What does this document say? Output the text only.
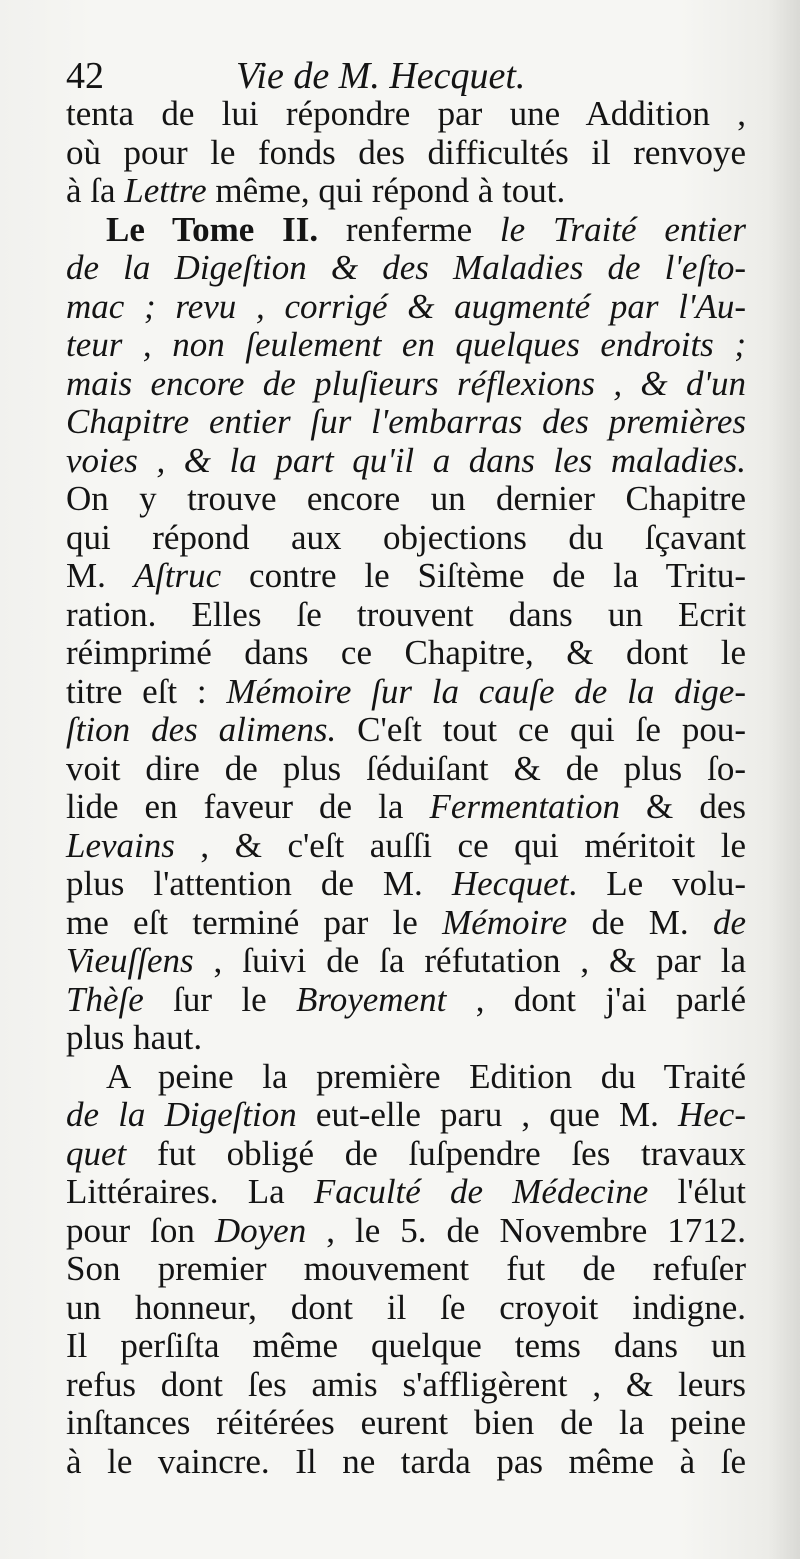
42	Vie de M. Hecquet.
tenta de lui répondre par une Addition ,
où pour le fonds des difficultés il renvoye
à ſa Lettre même, qui répond à tout.
Le Tome II. renferme le Traité entier
de la Digeſtion & des Maladies de l'eſto-
mac ; revu , corrigé & augmenté par l'Au-
teur , non ſeulement en quelques endroits ;
mais encore de pluſieurs réflexions , & d'un
Chapitre entier ſur l'embarras des premières
voies , & la part qu'il a dans les maladies.
On y trouve encore un dernier Chapitre
qui répond aux objections du ſçavant
M. Aſtruc contre le Siſtème de la Tritu-
ration. Elles ſe trouvent dans un Ecrit
réimprimé dans ce Chapitre, & dont le
titre eſt : Mémoire ſur la cauſe de la dige-
ſtion des alimens. C'eſt tout ce qui ſe pou-
voit dire de plus ſéduiſant & de plus ſo-
lide en faveur de la Fermentation & des
Levains , & c'eſt auſſi ce qui méritoit le
plus l'attention de M. Hecquet. Le volu-
me eſt terminé par le Mémoire de M. de
Vieuſſens , ſuivi de ſa réfutation , & par la
Thèſe ſur le Broyement , dont j'ai parlé
plus haut.
A peine la première Edition du Traité
de la Digeſtion eut-elle paru , que M. Hec-
quet fut obligé de ſuſpendre ſes travaux
Littéraires. La Faculté de Médecine l'élut
pour ſon Doyen , le 5. de Novembre 1712.
Son premier mouvement fut de refuſer
un honneur, dont il ſe croyoit indigne.
Il perſiſta même quelque tems dans un
refus dont ſes amis s'affligèrent , & leurs
inſtances réitérées eurent bien de la peine
à le vaincre. Il ne tarda pas même à ſe
